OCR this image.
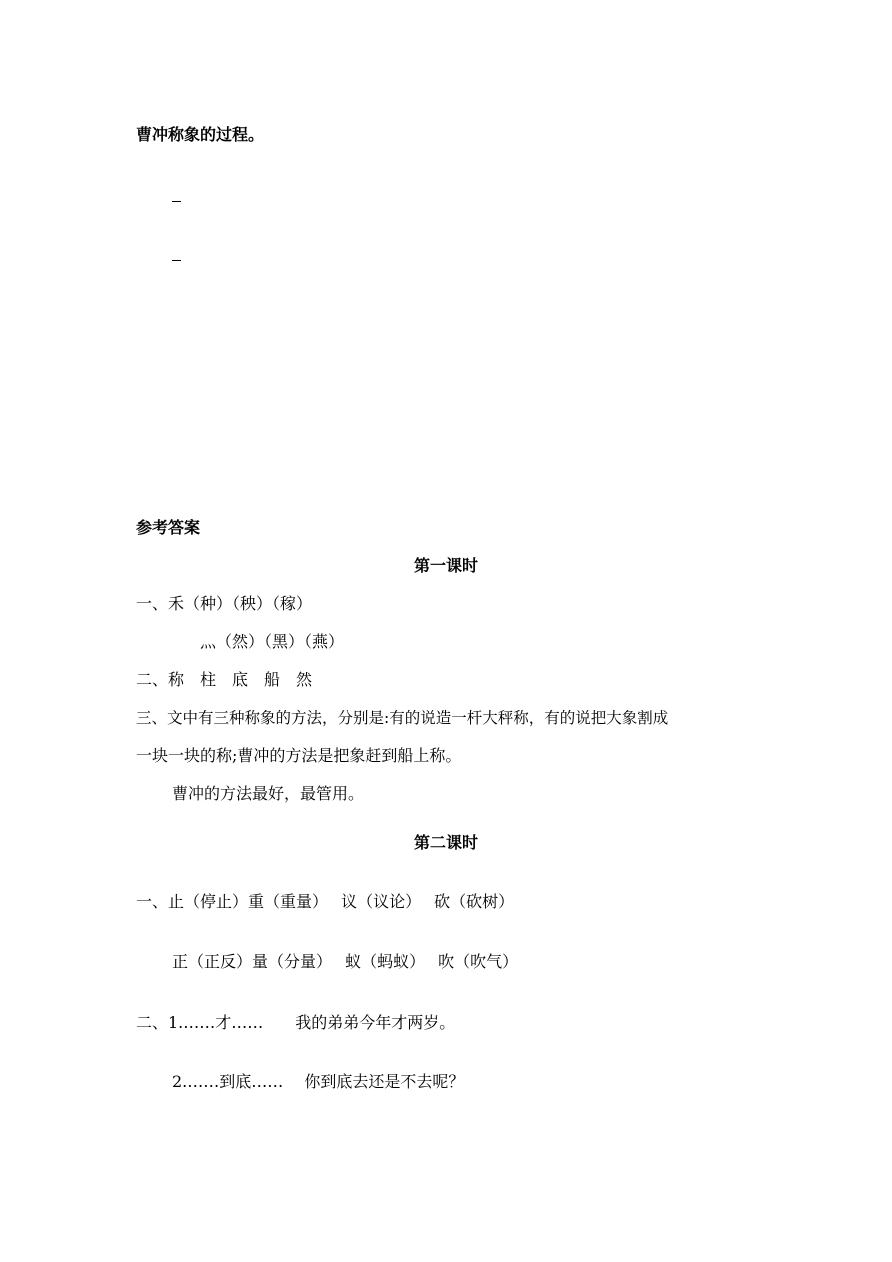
曹冲称象的过程。
参考答案
第一课时
一、禾（种）（秧）（稼）
灬（然）（黑）（燕）
二、称　柱　底　船　然
三、文中有三种称象的方法，分别是:有的说造一杆大秤称，有的说把大象割成
一块一块的称;曹冲的方法是把象赶到船上称。
曹冲的方法最好，最管用。
第二课时
一、止（停止）重（重量）　 议（议论）　 砍（砍树）
正（正反）量（分量）　 蚁（蚂蚁）　 吹（吹气）
二、1.……才……　　我的弟弟今年才两岁。
2.……到底……　 你到底去还是不去呢？
